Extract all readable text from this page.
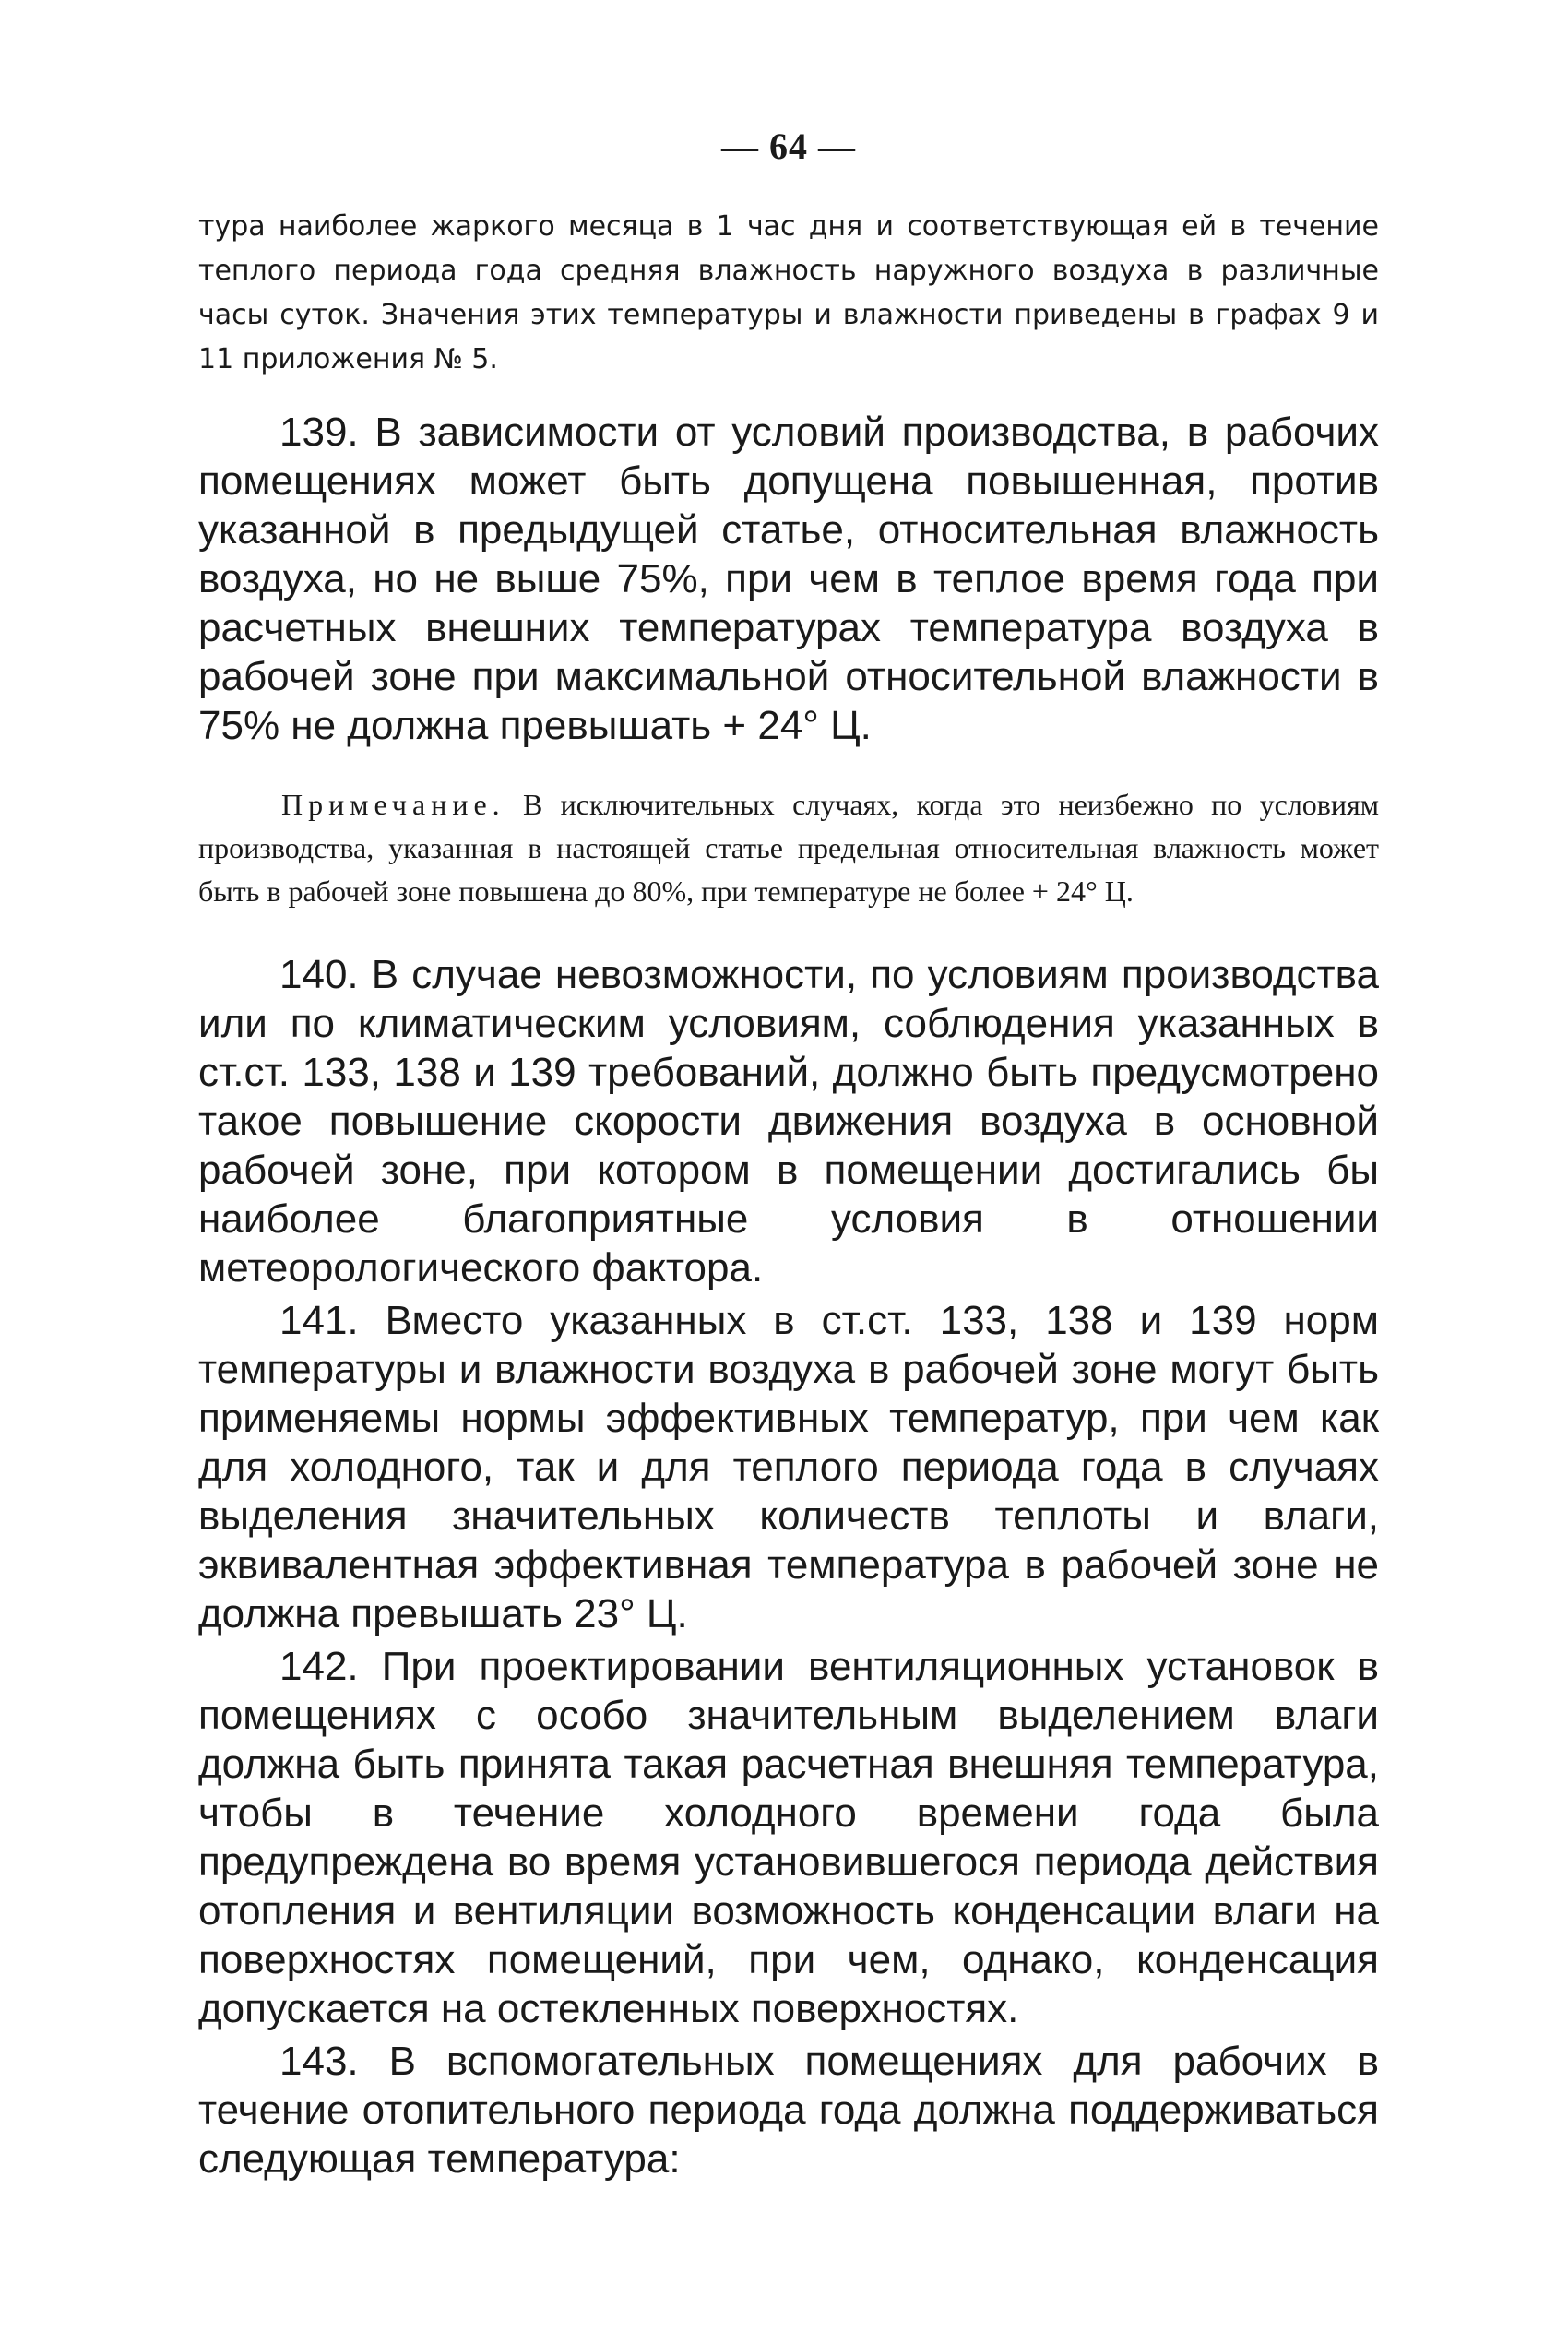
— 64 —

тура наиболее жаркого месяца в 1 час дня и соответствующая ей в течение теплого периода года средняя влажность наружного воздуха в различные часы суток. Значения этих температуры и влажности приведены в графах 9 и 11 приложения № 5.

139. В зависимости от условий производства, в рабочих помещениях может быть допущена повышенная, против указанной в предыдущей статье, относительная влажность воздуха, но не выше 75%, при чем в теплое время года при расчетных внешних температурах температура воздуха в рабочей зоне при максимальной относительной влажности в 75% не должна превышать + 24° Ц.

Примечание. В исключительных случаях, когда это неизбежно по условиям производства, указанная в настоящей статье предельная относительная влажность может быть в рабочей зоне повышена до 80%, при температуре не более + 24° Ц.

140. В случае невозможности, по условиям производства или по климатическим условиям, соблюдения указанных в ст.ст. 133, 138 и 139 требований, должно быть предусмотрено такое повышение скорости движения воздуха в основной рабочей зоне, при котором в помещении достигались бы наиболее благоприятные условия в отношении метеорологического фактора.

141. Вместо указанных в ст.ст. 133, 138 и 139 норм температуры и влажности воздуха в рабочей зоне могут быть применяемы нормы эффективных температур, при чем как для холодного, так и для теплого периода года в случаях выделения значительных количеств теплоты и влаги, эквивалентная эффективная температура в рабочей зоне не должна превышать 23° Ц.

142. При проектировании вентиляционных установок в помещениях с особо значительным выделением влаги должна быть принята такая расчетная внешняя температура, чтобы в течение холодного времени года была предупреждена во время установившегося периода действия отопления и вентиляции возможность конденсации влаги на поверхностях помещений, при чем, однако, конденсация допускается на остекленных поверхностях.

143. В вспомогательных помещениях для рабочих в течение отопительного периода года должна поддерживаться следующая температура:
